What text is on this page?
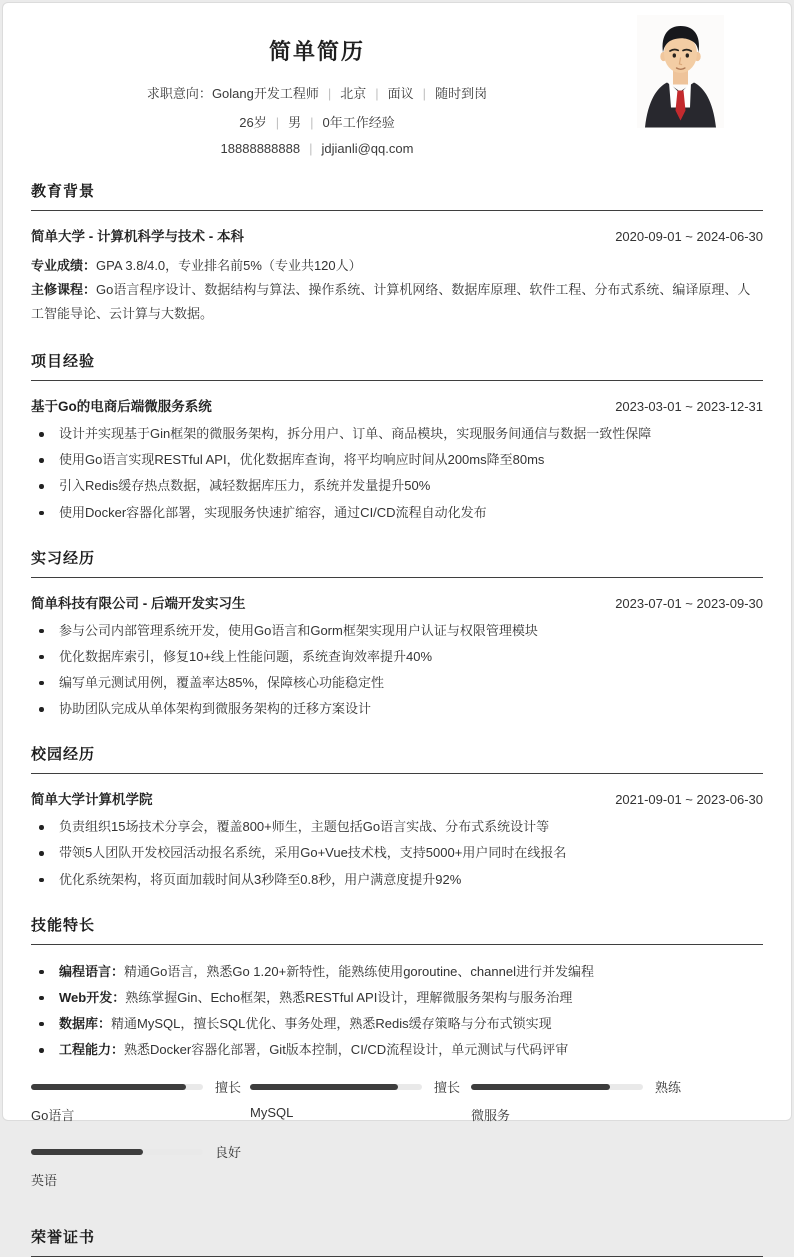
简单简历
求职意向：Golang开发工程师 | 北京 | 面议 | 随时到岗
26岁 | 男 | 0年工作经验
18888888888 | jdjianli@qq.com
教育背景
简单大学 - 计算机科学与技术 - 本科	2020-09-01 ~ 2024-06-30
专业成绩：GPA 3.8/4.0，专业排名前5%（专业共120人）
主修课程：Go语言程序设计、数据结构与算法、操作系统、计算机网络、数据库原理、软件工程、分布式系统、编译原理、人工智能导论、云计算与大数据。
项目经验
基于Go的电商后端微服务系统	2023-03-01 ~ 2023-12-31
设计并实现基于Gin框架的微服务架构，拆分用户、订单、商品模块，实现服务间通信与数据一致性保障
使用Go语言实现RESTful API，优化数据库查询，将平均响应时间从200ms降至80ms
引入Redis缓存热点数据，减轻数据库压力，系统并发量提升50%
使用Docker容器化部署，实现服务快速扩缩容，通过CI/CD流程自动化发布
实习经历
简单科技有限公司 - 后端开发实习生	2023-07-01 ~ 2023-09-30
参与公司内部管理系统开发，使用Go语言和Gorm框架实现用户认证与权限管理模块
优化数据库索引，修复10+线上性能问题，系统查询效率提升40%
编写单元测试用例，覆盖率达85%，保障核心功能稳定性
协助团队完成从单体架构到微服务架构的迁移方案设计
校园经历
简单大学计算机学院	2021-09-01 ~ 2023-06-30
负责组织15场技术分享会，覆盖800+师生，主题包括Go语言实战、分布式系统设计等
带领5人团队开发校园活动报名系统，采用Go+Vue技术栈，支持5000+用户同时在线报名
优化系统架构，将页面加载时间从3秒降至0.8秒，用户满意度提升92%
技能特长
编程语言：精通Go语言，熟悉Go 1.20+新特性，能熟练使用goroutine、channel进行并发编程
Web开发：熟练掌握Gin、Echo框架，熟悉RESTful API设计，理解微服务架构与服务治理
数据库：精通MySQL，擅长SQL优化、事务处理，熟悉Redis缓存策略与分布式锁实现
工程能力：熟悉Docker容器化部署，Git版本控制，CI/CD流程设计，单元测试与代码评审
擅长
Go语言
擅长
MySQL
熟练
微服务
良好
英语
荣誉证书
